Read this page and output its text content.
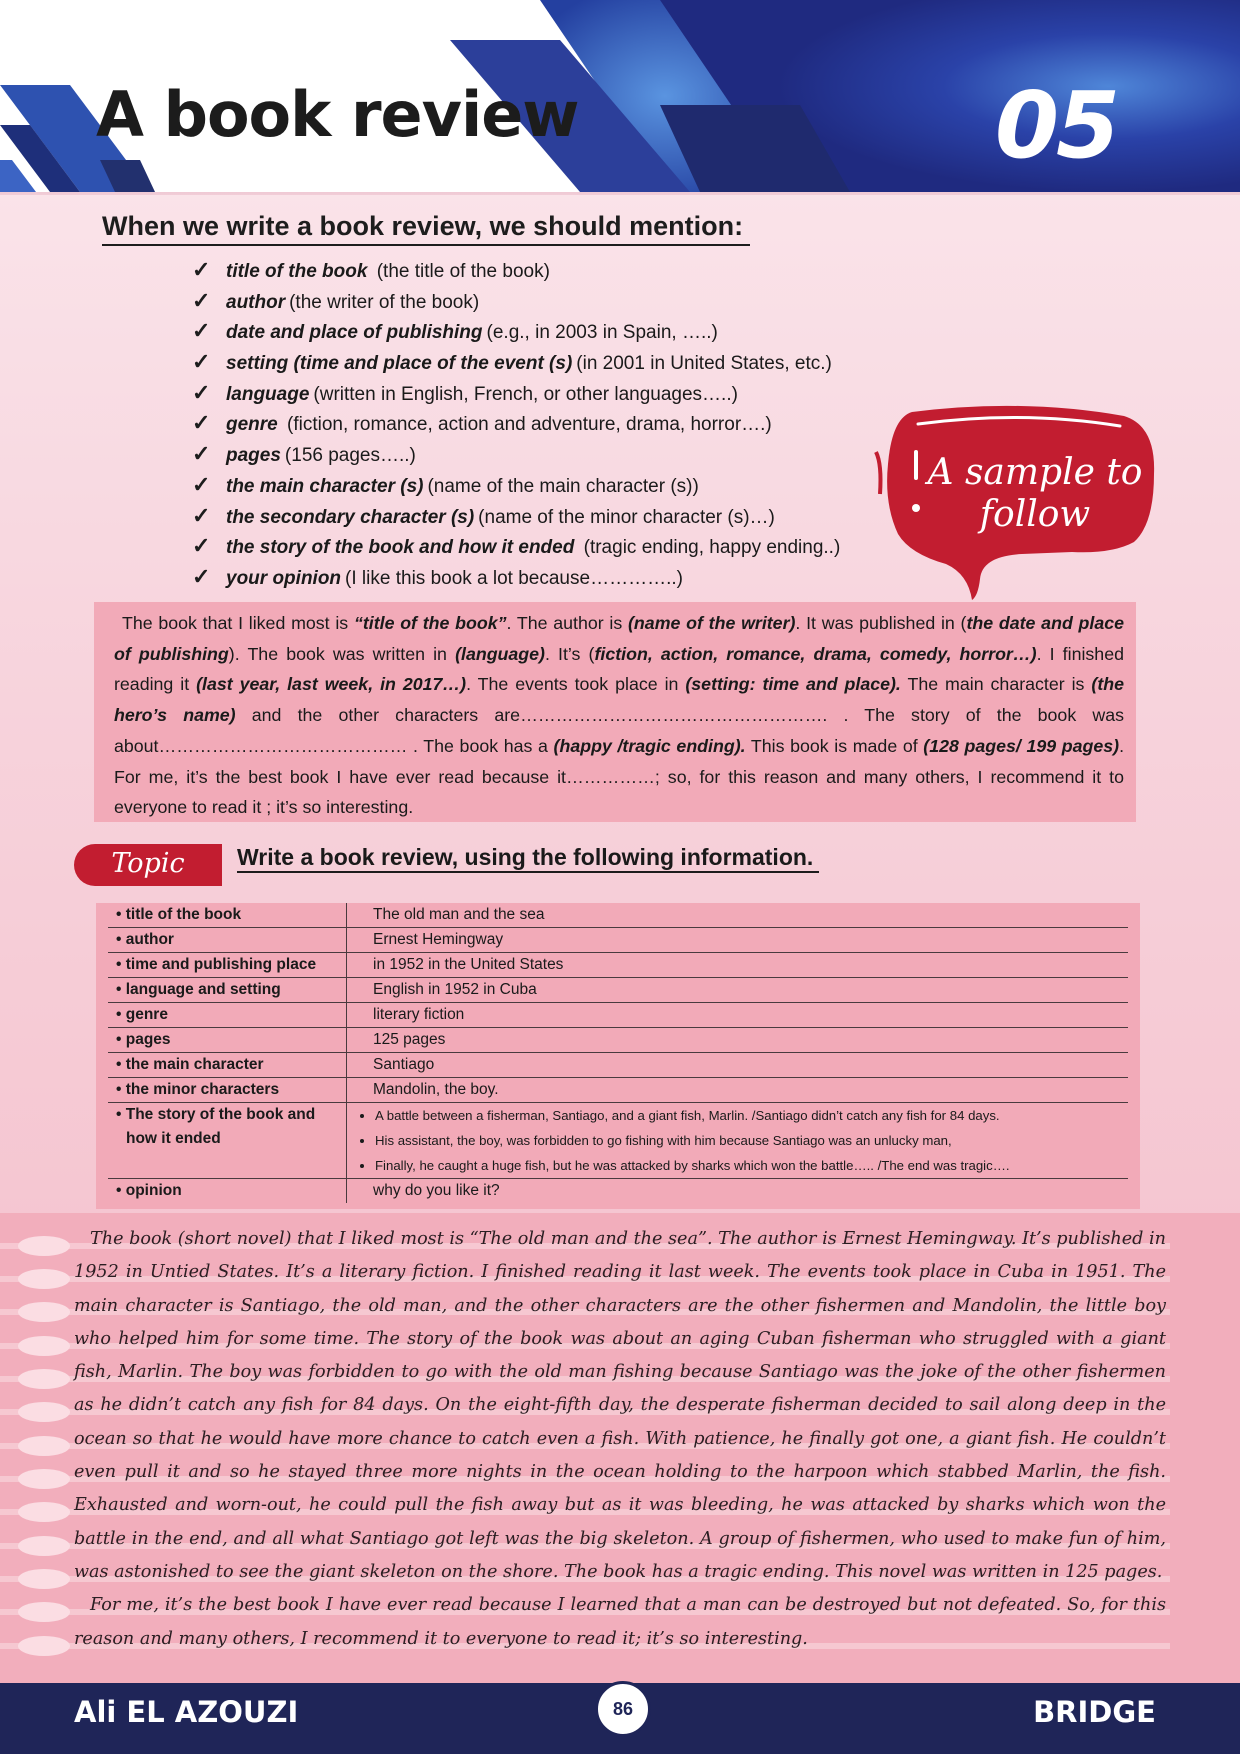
A book review	05
When we write a book review, we should mention:
✓title of the book (the title of the book)
✓author (the writer of the book)
✓date and place of publishing (e.g., in 2003 in Spain, …..)
✓setting (time and place of the event (s) (in 2001 in United States, etc.)
✓language (written in English, French, or other languages…..)
✓genre (fiction, romance, action and adventure, drama, horror….)
✓pages (156 pages…..)
✓the main character (s) (name of the main character (s))
✓the secondary character (s) (name of the minor character (s)…)
✓the story of the book and how it ended (tragic ending, happy ending..)
✓your opinion (I like this book a lot because…………..)
A sample to
follow

The book that I liked most is “title of the book”. The author is (name of the writer). It was published in (the date and place of publishing). The book was written in (language). It’s (fiction, action, romance, drama, comedy, horror…). I finished reading it (last year, last week, in 2017…). The events took place in (setting: time and place). The main character is (the hero’s name) and the other characters are……………………………………………. . The story of the book was about…………………………………… . The book has a (happy /tragic ending). This book is made of (128 pages/ 199 pages). For me, it’s the best book I have ever read because it……………; so, for this reason and many others, I recommend it to everyone to read it ; it’s so interesting.

Topic	Write a book review, using the following information.
• title of the book	The old man and the sea
• author	Ernest Hemingway
• time and publishing place	in 1952 in the United States
• language and setting	English in 1952 in Cuba
• genre	literary fiction
• pages	125 pages
• the main character	Santiago
• the minor characters	Mandolin, the boy.
• The story of the book and
how it ended
• A battle between a fisherman, Santiago, and a giant fish, Marlin. /Santiago didn’t catch any fish for 84 days.
• His assistant, the boy, was forbidden to go fishing with him because Santiago was an unlucky man,
• Finally, he caught a huge fish, but he was attacked by sharks which won the battle….. /The end was tragic….
• opinion	why do you like it?

The book (short novel) that I liked most is “The old man and the sea”. The author is Ernest Hemingway. It’s published in 1952 in Untied States. It’s a literary fiction. I finished reading it last week. The events took place in Cuba in 1951. The main character is Santiago, the old man, and the other characters are the other fishermen and Mandolin, the little boy who helped him for some time. The story of the book was about an aging Cuban fisherman who struggled with a giant fish, Marlin. The boy was forbidden to go with the old man fishing because Santiago was the joke of the other fishermen as he didn’t catch any fish for 84 days. On the eight-fifth day, the desperate fisherman decided to sail along deep in the ocean so that he would have more chance to catch even a fish. With patience, he finally got one, a giant fish. He couldn’t even pull it and so he stayed three more nights in the ocean holding to the harpoon which stabbed Marlin, the fish. Exhausted and worn-out, he could pull the fish away but as it was bleeding, he was attacked by sharks which won the battle in the end, and all what Santiago got left was the big skeleton. A group of fishermen, who used to make fun of him, was astonished to see the giant skeleton on the shore. The book has a tragic ending. This novel was written in 125 pages.

For me, it’s the best book I have ever read because I learned that a man can be destroyed but not defeated. So, for this reason and many others, I recommend it to everyone to read it; it’s so interesting.

Ali EL AZOUZI	86	BRIDGE
